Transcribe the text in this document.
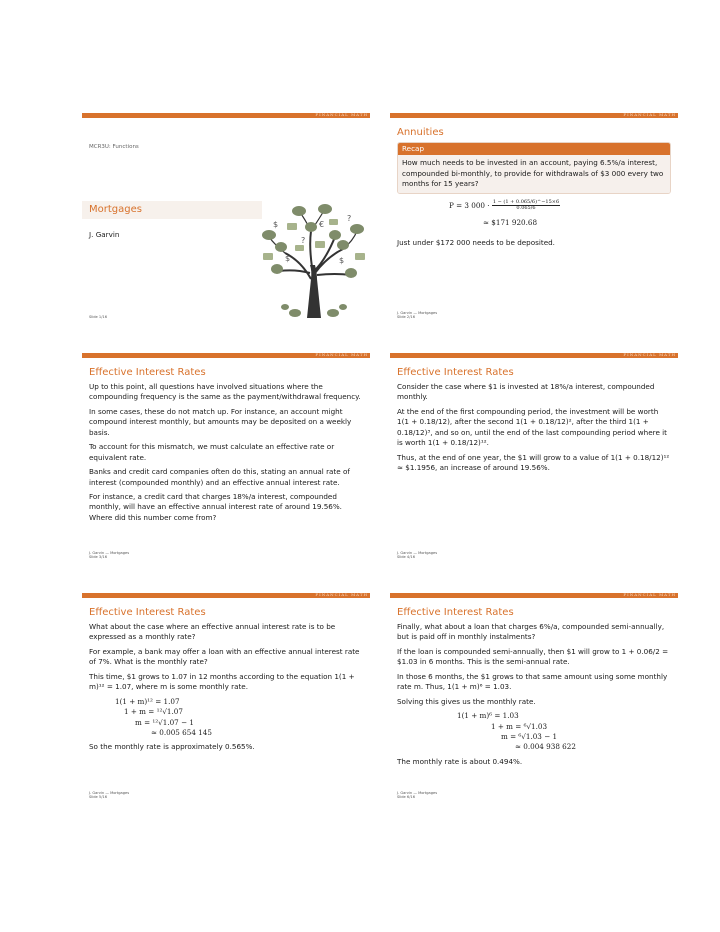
FINANCIAL MATH
MCR3U: Functions
Mortgages
J. Garvin
?
$
$
€
?
$
Slide 1/16
FINANCIAL MATH
Annuities
Recap
How much needs to be invested in an account, paying 6.5%/a interest, compounded bi-monthly, to provide for withdrawals of $3 000 every two months for 15 years?
P = 3 $000 \cdot \frac{1 - (1 + 0.065/6)\^{}-15\times 6}{0.065/6}$
≈ $171 920.68

Just under $172 000 needs to be deposited.

J. Garvin — Mortgages
Slide 2/16
FINANCIAL MATH
Effective Interest Rates

Up to this point, all questions have involved situations where the compounding frequency is the same as the payment/withdrawal frequency.

In some cases, these do not match up. For instance, an account might compound interest monthly, but amounts may be deposited on a weekly basis.

To account for this mismatch, we must calculate an effective rate or equivalent rate.

Banks and credit card companies often do this, stating an annual rate of interest (compounded monthly) and an effective annual interest rate.

For instance, a credit card that charges 18%/a interest, compounded monthly, will have an effective annual interest rate of around 19.56%. Where did this number come from?

J. Garvin — Mortgages
Slide 3/16
FINANCIAL MATH
Effective Interest Rates

Consider the case where $1 is invested at 18%/a interest, compounded monthly.

At the end of the first compounding period, the investment will be worth 1(1 + 0.18/12), after the second 1(1 + 0.18/12)², after the third 1(1 + 0.18/12)³, and so on, until the end of the last compounding period where it is worth 1(1 + 0.18/12)¹².

Thus, at the end of one year, the $1 will grow to a value of 1(1 + 0.18/12)¹² ≈ $1.1956, an increase of around 19.56%.

J. Garvin — Mortgages
Slide 4/16
FINANCIAL MATH
Effective Interest Rates

What about the case where an effective annual interest rate is to be expressed as a monthly rate?

For example, a bank may offer a loan with an effective annual interest rate of 7%. What is the monthly rate?

This time, $1 grows to 1.07 in 12 months according to the equation 1(1 + m)¹² = 1.07, where m is some monthly rate.

1(1 + m)¹² = 1.07
1 + m = ¹²√1.07
m = ¹²√1.07 − 1
≈ 0.005 654 145

So the monthly rate is approximately 0.565%.

J. Garvin — Mortgages
Slide 5/16
FINANCIAL MATH
Effective Interest Rates

Finally, what about a loan that charges 6%/a, compounded semi-annually, but is paid off in monthly instalments?

If the loan is compounded semi-annually, then $1 will grow to 1 + 0.06/2 = $1.03 in 6 months. This is the semi-annual rate.

In those 6 months, the $1 grows to that same amount using some monthly rate m. Thus, 1(1 + m)⁶ = 1.03.

Solving this gives us the monthly rate.

1(1 + m)⁶ = 1.03
1 + m = ⁶√1.03
m = ⁶√1.03 − 1
≈ 0.004 938 622

The monthly rate is about 0.494%.

J. Garvin — Mortgages
Slide 6/16
